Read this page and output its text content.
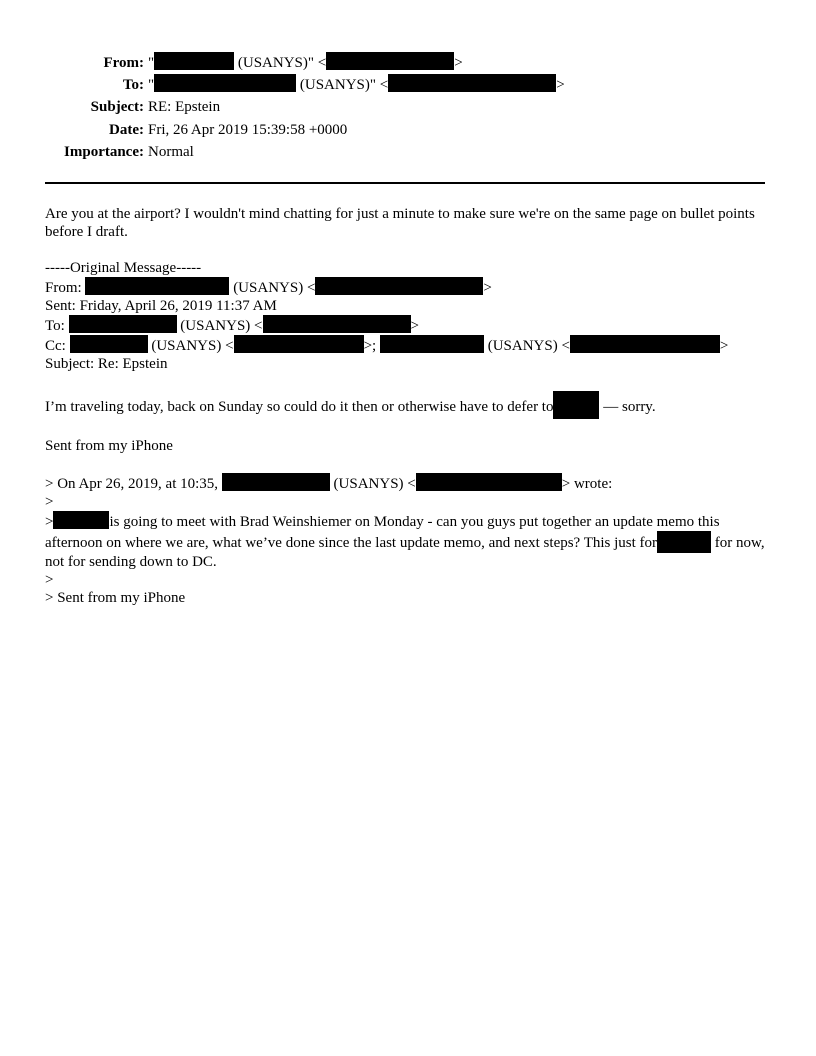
From: "	(USANYS)" <	>
To: "	(USANYS)" <	>
Subject: RE: Epstein
Date: Fri, 26 Apr 2019 15:39:58 +0000
Importance: Normal

Are you at the airport? I wouldn't mind chatting for just a minute to make sure we're on the same page on bullet points before I draft.

-----Original Message-----

From:	(USANYS) <	>

Sent: Friday, April 26, 2019 11:37 AM

To:	(USANYS) <	>

Cc:	(USANYS) <	>;	(USANYS) <	>

Subject: Re: Epstein

I’m traveling today, back on Sunday so could do it then or otherwise have to defer to	— sorry.

Sent from my iPhone

> On Apr 26, 2019, at 10:35,	(USANYS) <	> wrote:

>

>	is going to meet with Brad Weinshiemer on Monday - can you guys put together an update memo this afternoon on where we are, what we’ve done since the last update memo, and next steps? This just for	for now, not for sending down to DC.

>

> Sent from my iPhone
